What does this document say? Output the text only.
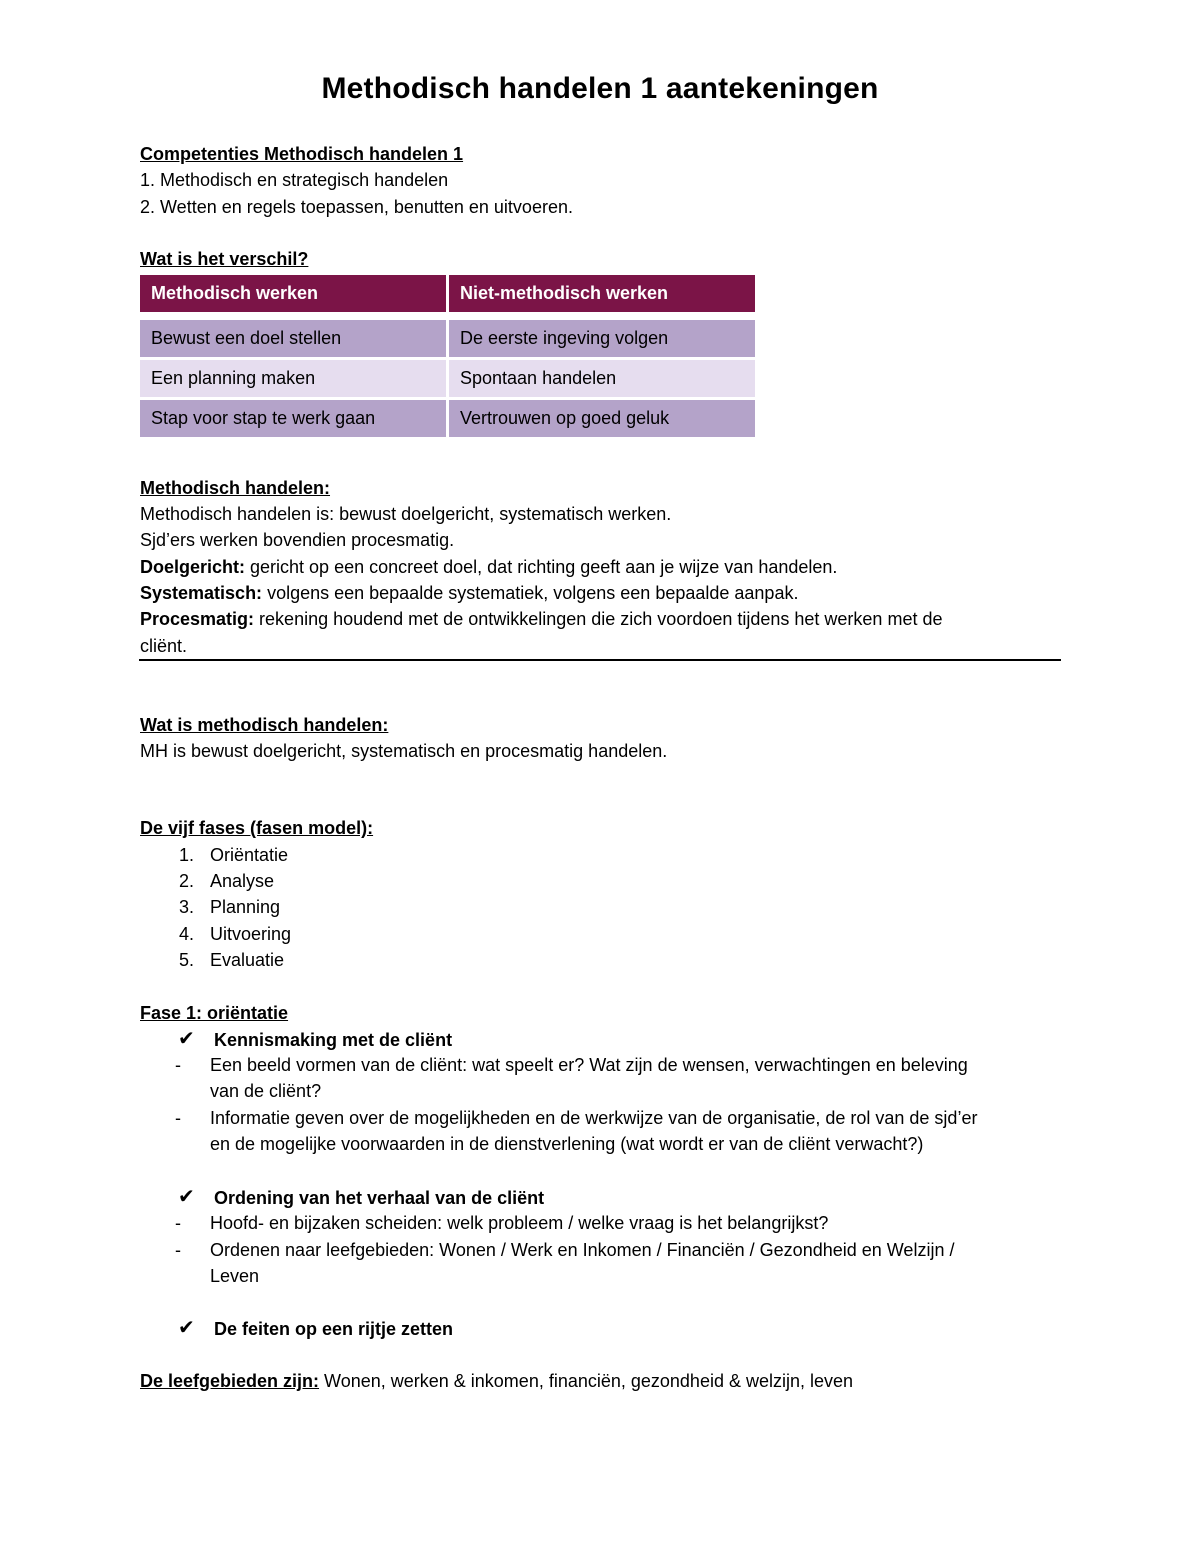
Methodisch handelen 1 aantekeningen
Competenties Methodisch handelen 1
1. Methodisch en strategisch handelen
2. Wetten en regels toepassen, benutten en uitvoeren.
Wat is het verschil?
Methodisch werken	Niet-methodisch werken

Bewust een doel stellen	De eerste ingeving volgen
Een planning maken	Spontaan handelen
Stap voor stap te werk gaan	Vertrouwen op goed geluk
Methodisch handelen:
Methodisch handelen is: bewust doelgericht, systematisch werken.
Sjd’ers werken bovendien procesmatig.
Doelgericht: gericht op een concreet doel, dat richting geeft aan je wijze van handelen.
Systematisch: volgens een bepaalde systematiek, volgens een bepaalde aanpak.
Procesmatig: rekening houdend met de ontwikkelingen die zich voordoen tijdens het werken met de
cliënt.
Wat is methodisch handelen:
MH is bewust doelgericht, systematisch en procesmatig handelen.
De vijf fases (fasen model):
1. Oriëntatie
2. Analyse
3. Planning
4. Uitvoering
5. Evaluatie
Fase 1: oriëntatie
✔ Kennismaking met de cliënt
- Een beeld vormen van de cliënt: wat speelt er? Wat zijn de wensen, verwachtingen en beleving
van de cliënt?
- Informatie geven over de mogelijkheden en de werkwijze van de organisatie, de rol van de sjd’er
en de mogelijke voorwaarden in de dienstverlening (wat wordt er van de cliënt verwacht?)
✔ Ordening van het verhaal van de cliënt
- Hoofd- en bijzaken scheiden: welk probleem / welke vraag is het belangrijkst?
- Ordenen naar leefgebieden: Wonen / Werk en Inkomen / Financiën / Gezondheid en Welzijn /
Leven
✔ De feiten op een rijtje zetten
De leefgebieden zijn: Wonen, werken & inkomen, financiën, gezondheid & welzijn, leven
